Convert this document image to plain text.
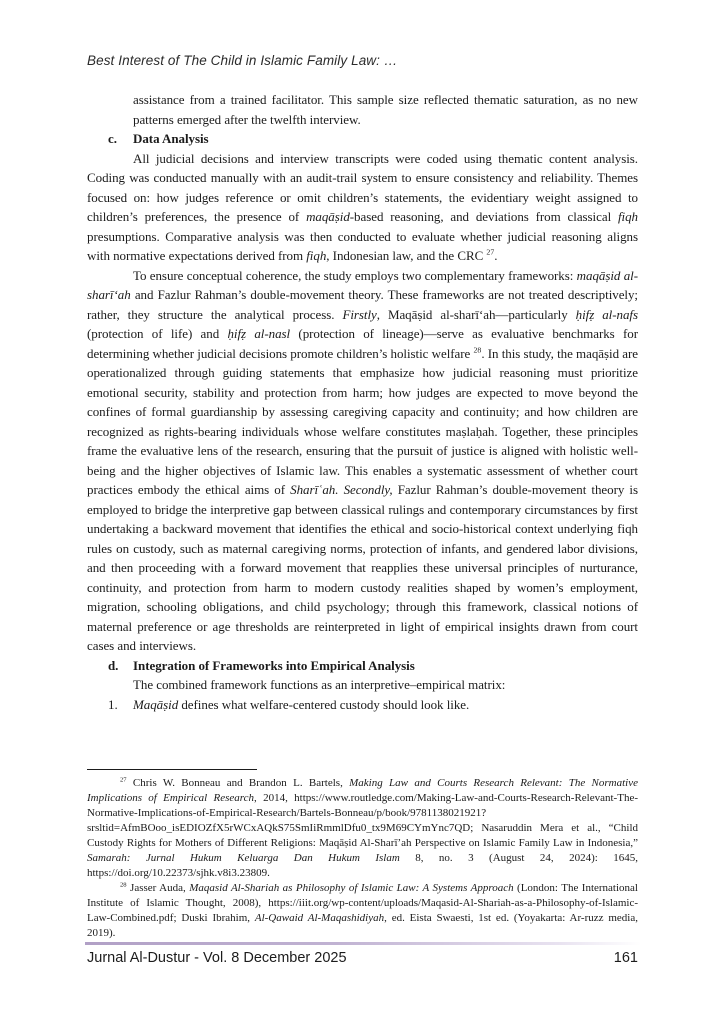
Best Interest of The Child in Islamic Family Law: …

assistance from a trained facilitator. This sample size reflected thematic saturation, as no new patterns emerged after the twelfth interview.

c.	Data Analysis

All judicial decisions and interview transcripts were coded using thematic content analysis. Coding was conducted manually with an audit-trail system to ensure consistency and reliability. Themes focused on: how judges reference or omit children’s statements, the evidentiary weight assigned to children’s preferences, the presence of maqāṣid-based reasoning, and deviations from classical fiqh presumptions. Comparative analysis was then conducted to evaluate whether judicial reasoning aligns with normative expectations derived from fiqh, Indonesian law, and the CRC $^{27}$.

To ensure conceptual coherence, the study employs two complementary frameworks: maqāṣid al-sharī‘ah and Fazlur Rahman’s double-movement theory. These frameworks are not treated descriptively; rather, they structure the analytical process. Firstly, Maqāṣid al-sharī‘ah—particularly ḥifẓ al-nafs (protection of life) and ḥifẓ al-nasl (protection of lineage)—serve as evaluative benchmarks for determining whether judicial decisions promote children’s holistic welfare $^{28}$. In this study, the maqāṣid are operationalized through guiding statements that emphasize how judicial reasoning must prioritize emotional security, stability and protection from harm; how judges are expected to move beyond the confines of formal guardianship by assessing caregiving capacity and continuity; and how children are recognized as rights-bearing individuals whose welfare constitutes maṣlaḥah. Together, these principles frame the evaluative lens of the research, ensuring that the pursuit of justice is aligned with holistic well-being and the higher objectives of Islamic law. This enables a systematic assessment of whether court practices embody the ethical aims of Sharīʿah. Secondly, Fazlur Rahman’s double-movement theory is employed to bridge the interpretive gap between classical rulings and contemporary circumstances by first undertaking a backward movement that identifies the ethical and socio-historical context underlying fiqh rules on custody, such as maternal caregiving norms, protection of infants, and gendered labor divisions, and then proceeding with a forward movement that reapplies these universal principles of nurturance, continuity, and protection from harm to modern custody realities shaped by women’s employment, migration, schooling obligations, and child psychology; through this framework, classical notions of maternal preference or age thresholds are reinterpreted in light of empirical insights drawn from court cases and interviews.

d.	Integration of Frameworks into Empirical Analysis

The combined framework functions as an interpretive–empirical matrix:

1.	Maqāṣid defines what welfare-centered custody should look like.

$^{27}$ Chris W. Bonneau and Brandon L. Bartels, Making Law and Courts Research Relevant: The Normative Implications of Empirical Research, 2014, https://www.routledge.com/Making-Law-and-Courts-Research-Relevant-The-Normative-Implications-of-Empirical-Research/Bartels-Bonneau/p/book/9781138021921?srsltid=AfmBOoo_isEDIOZfX5rWCxAQkS75SmIiRmmlDfu0_tx9M69CYmYnc7QD; Nasaruddin Mera et al., “Child Custody Rights for Mothers of Different Religions: Maqāṣid Al-Sharī’ah Perspective on Islamic Family Law in Indonesia,” Samarah: Jurnal Hukum Keluarga Dan Hukum Islam 8, no. 3 (August 24, 2024): 1645, https://doi.org/10.22373/sjhk.v8i3.23809.

$^{28}$ Jasser Auda, Maqasid Al-Shariah as Philosophy of Islamic Law: A Systems Approach (London: The International Institute of Islamic Thought, 2008), https://iiit.org/wp-content/uploads/Maqasid-Al-Shariah-as-a-Philosophy-of-Islamic-Law-Combined.pdf; Duski Ibrahim, Al-Qawaid Al-Maqashidiyah, ed. Eista Swaesti, 1st ed. (Yoyakarta: Ar-ruzz media, 2019).

Jurnal Al-Dustur - Vol. 8 December 2025	161
